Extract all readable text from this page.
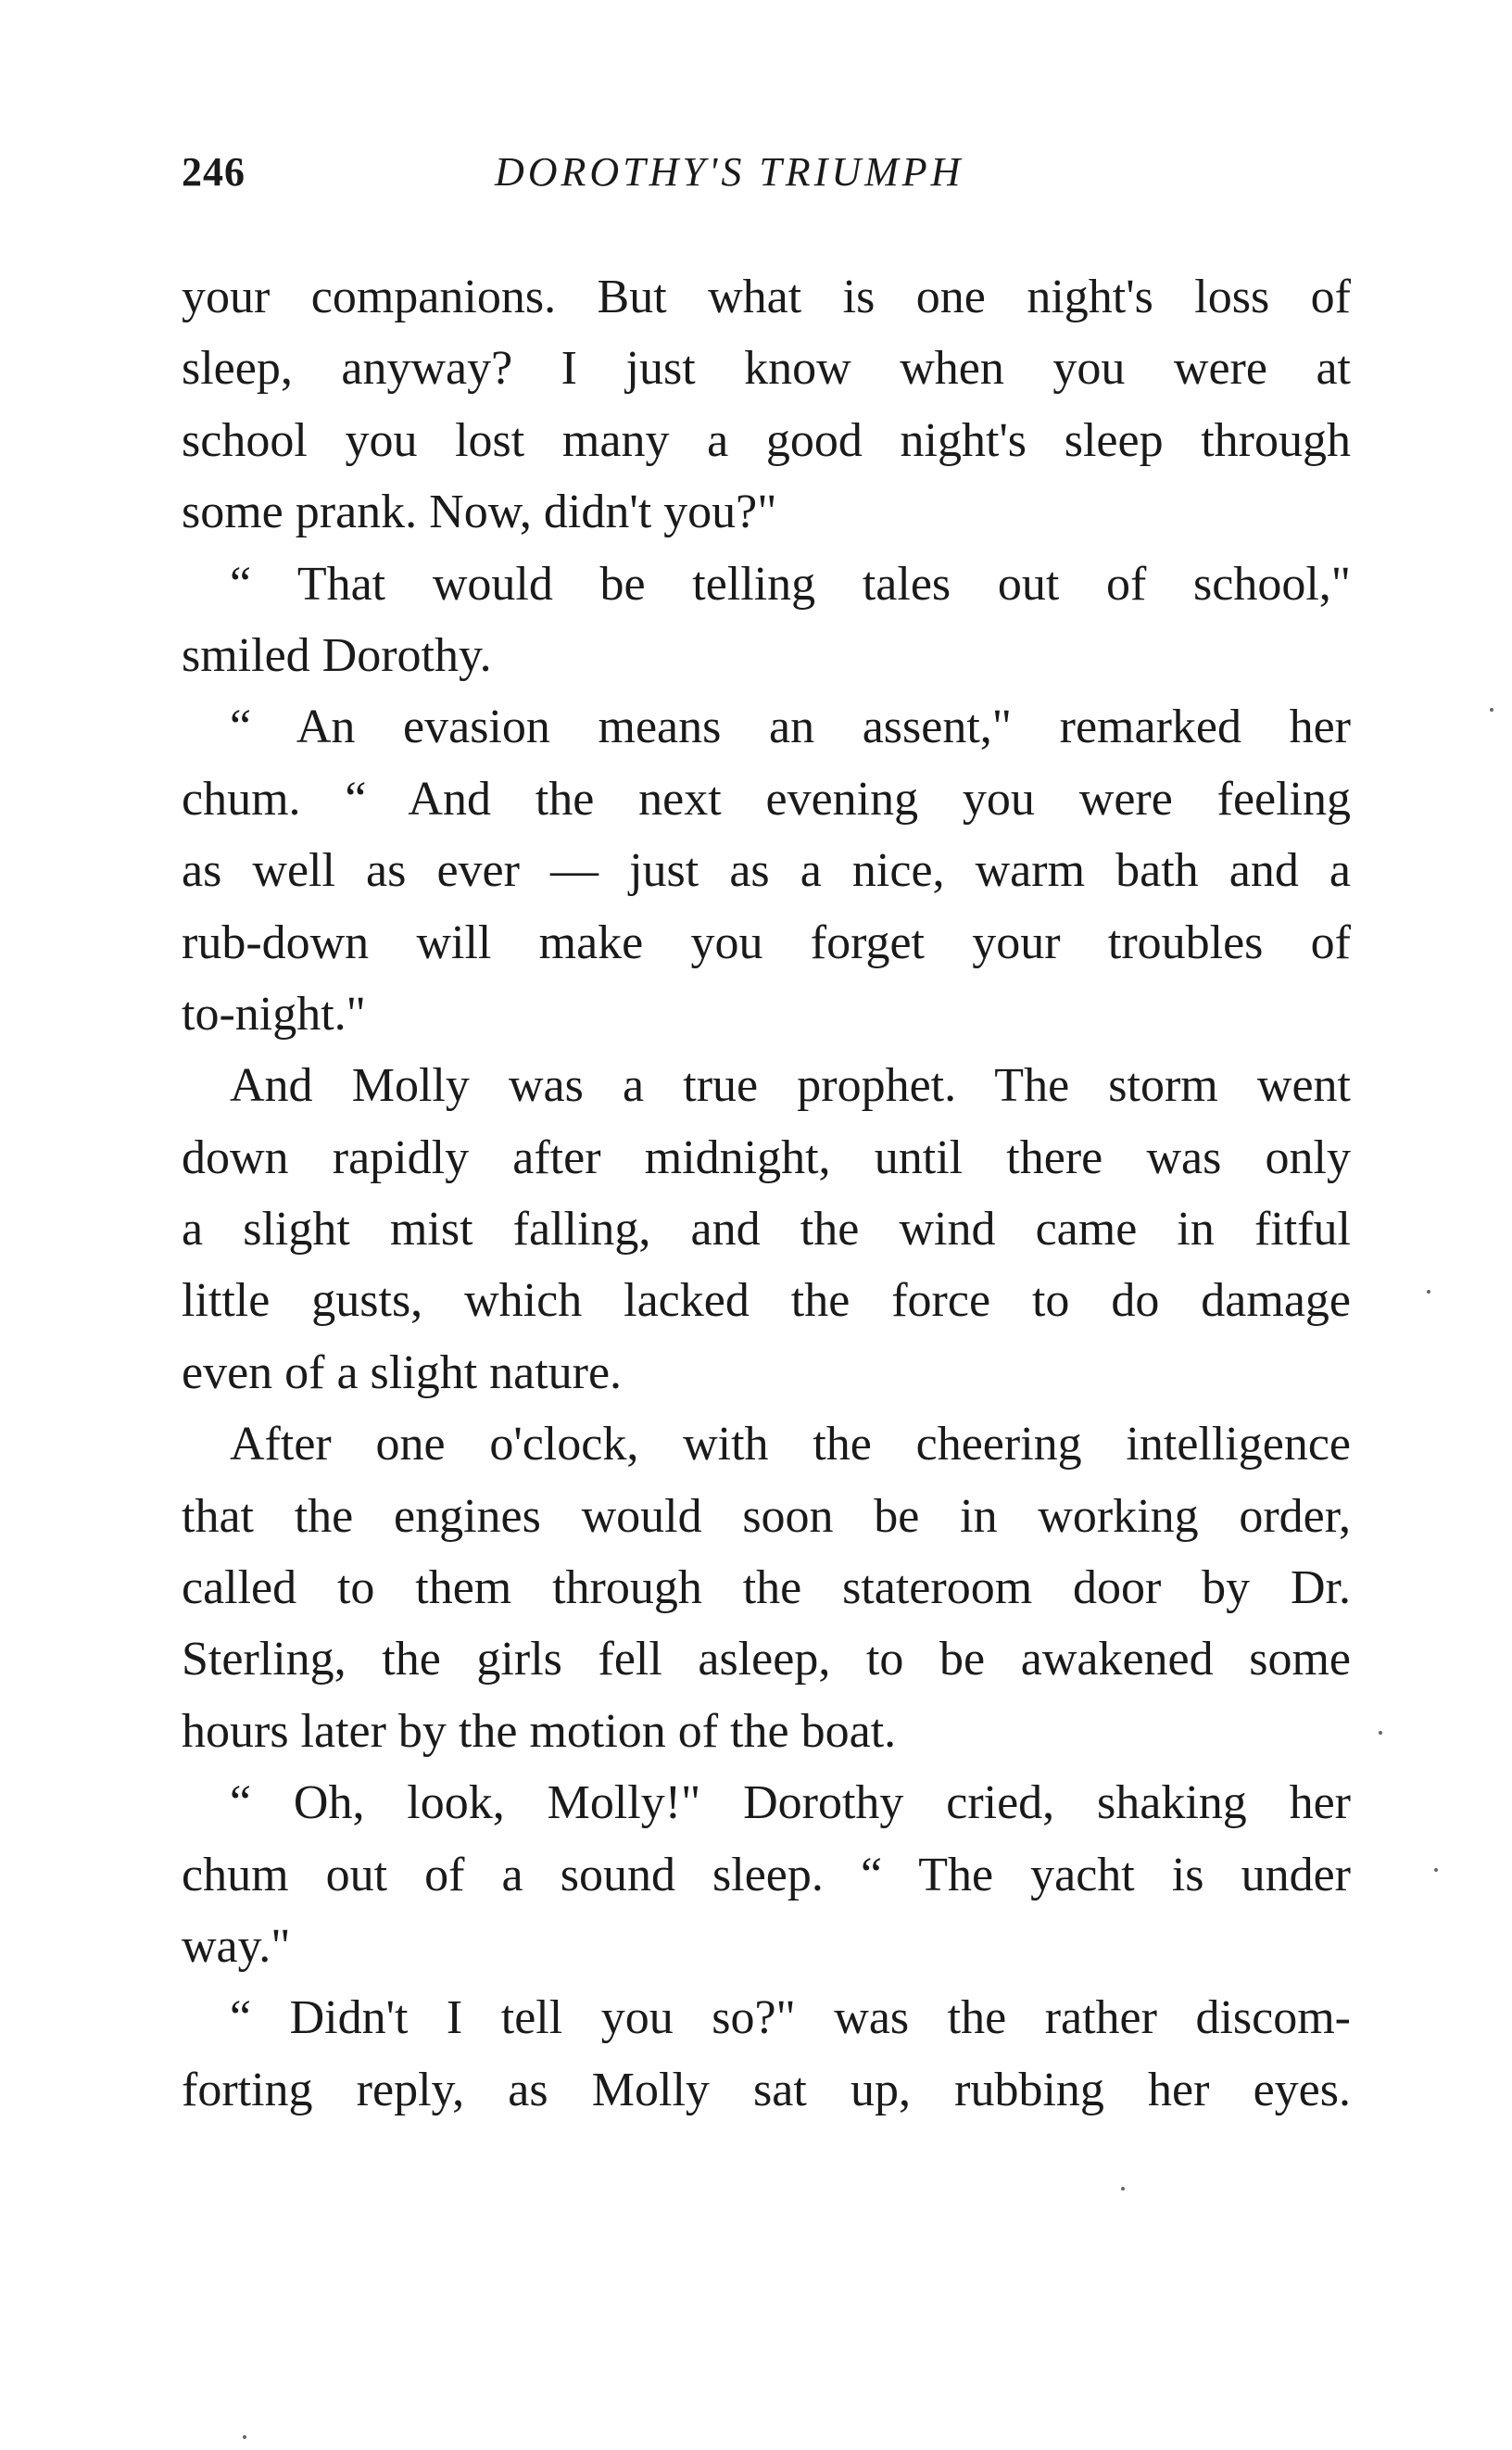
246	DOROTHY'S TRIUMPH
your companions. But what is one night's loss of
sleep, anyway? I just know when you were at
school you lost many a good night's sleep through
some prank. Now, didn't you?"
“ That would be telling tales out of school,"
smiled Dorothy.
“ An evasion means an assent," remarked her
chum. “ And the next evening you were feeling
as well as ever — just as a nice, warm bath and a
rub-down will make you forget your troubles of
to-night."
And Molly was a true prophet. The storm went
down rapidly after midnight, until there was only
a slight mist falling, and the wind came in fitful
little gusts, which lacked the force to do damage
even of a slight nature.
After one o'clock, with the cheering intelligence
that the engines would soon be in working order,
called to them through the stateroom door by Dr.
Sterling, the girls fell asleep, to be awakened some
hours later by the motion of the boat.
“ Oh, look, Molly!" Dorothy cried, shaking her
chum out of a sound sleep. “ The yacht is under
way."
“ Didn't I tell you so?" was the rather discom-
forting reply, as Molly sat up, rubbing her eyes.
